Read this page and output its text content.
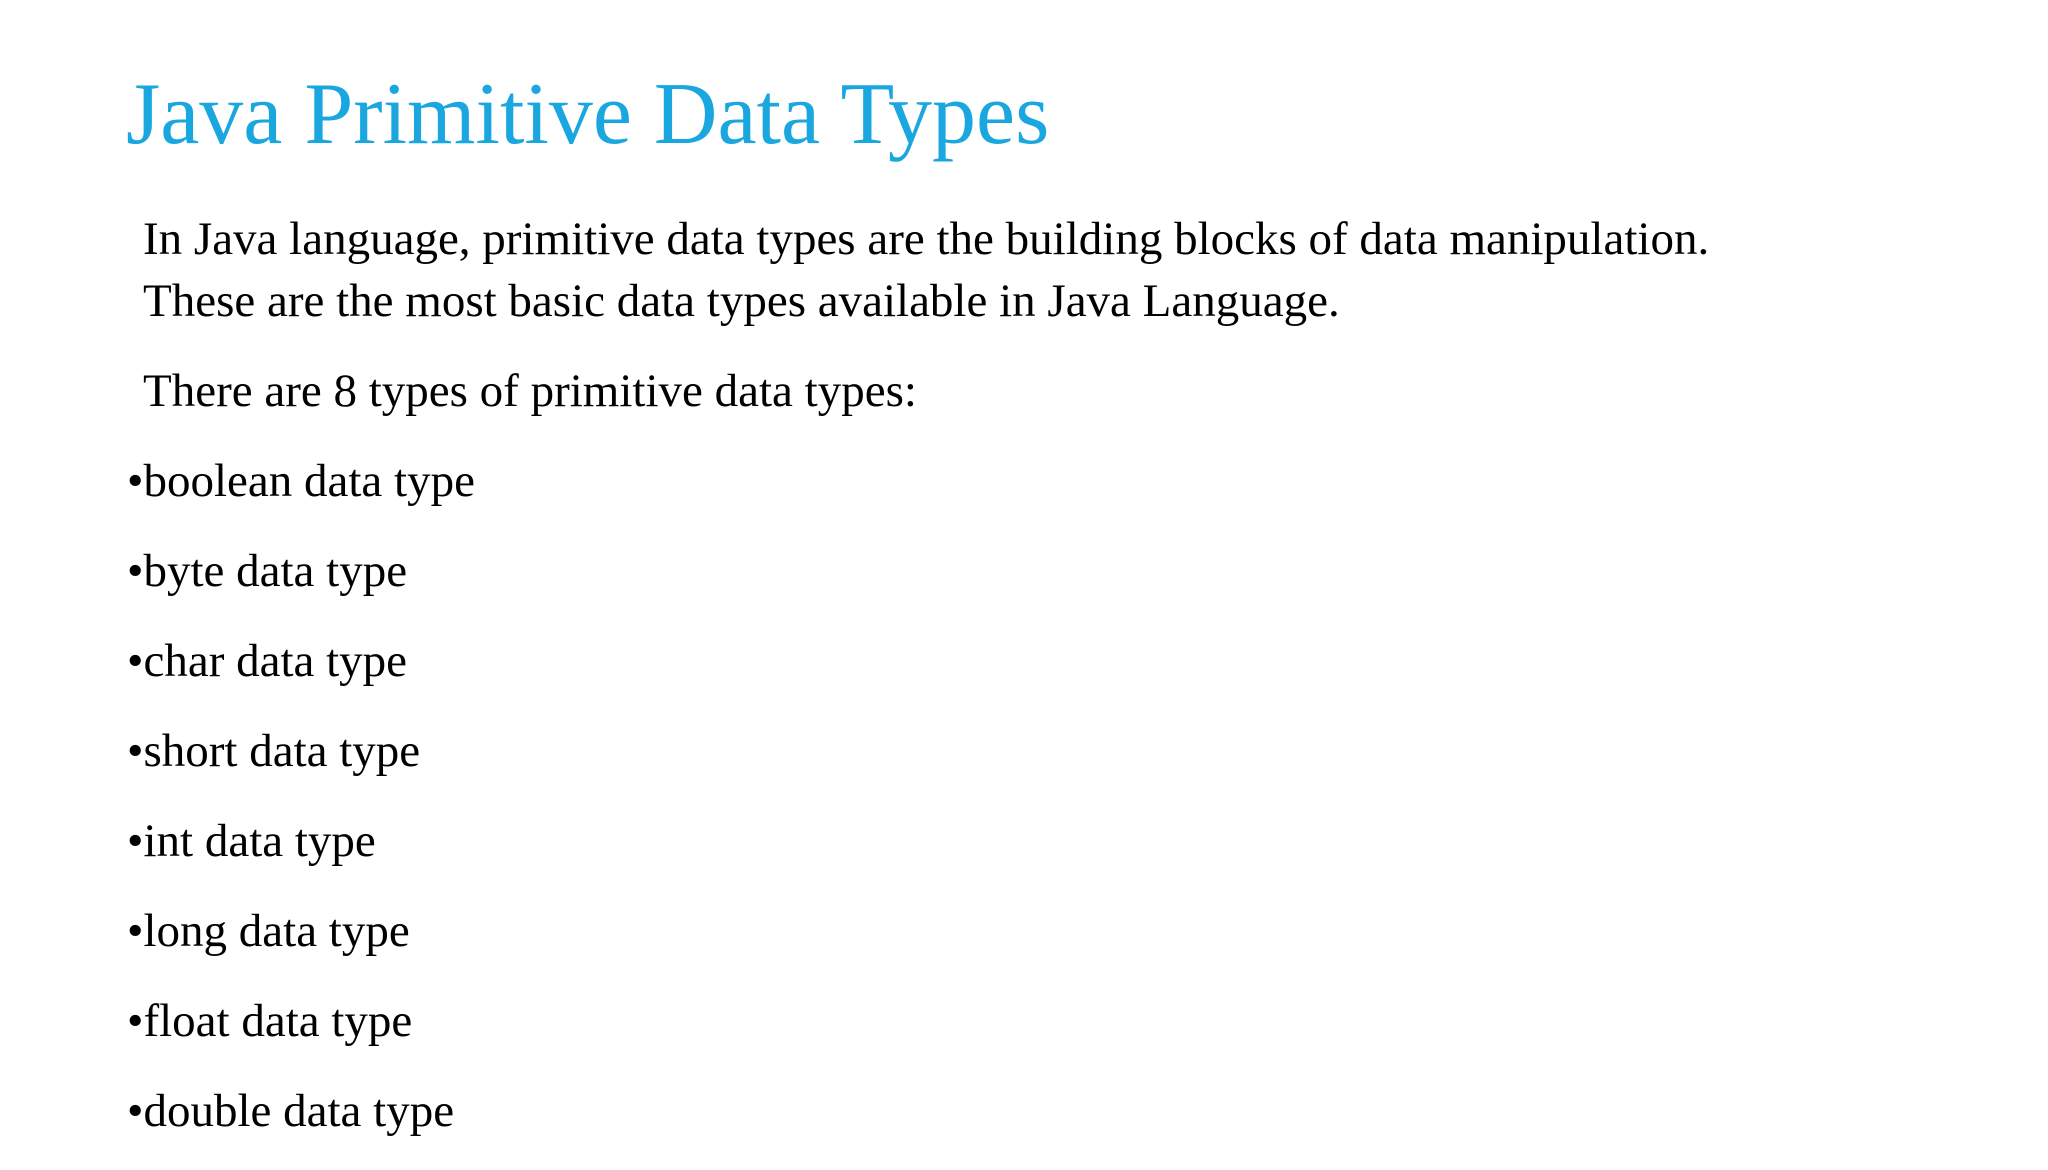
Java Primitive Data Types

In Java language, primitive data types are the building blocks of data manipulation.
These are the most basic data types available in Java Language.

There are 8 types of primitive data types:

•boolean data type
•byte data type
•char data type
•short data type
•int data type
•long data type
•float data type
•double data type
